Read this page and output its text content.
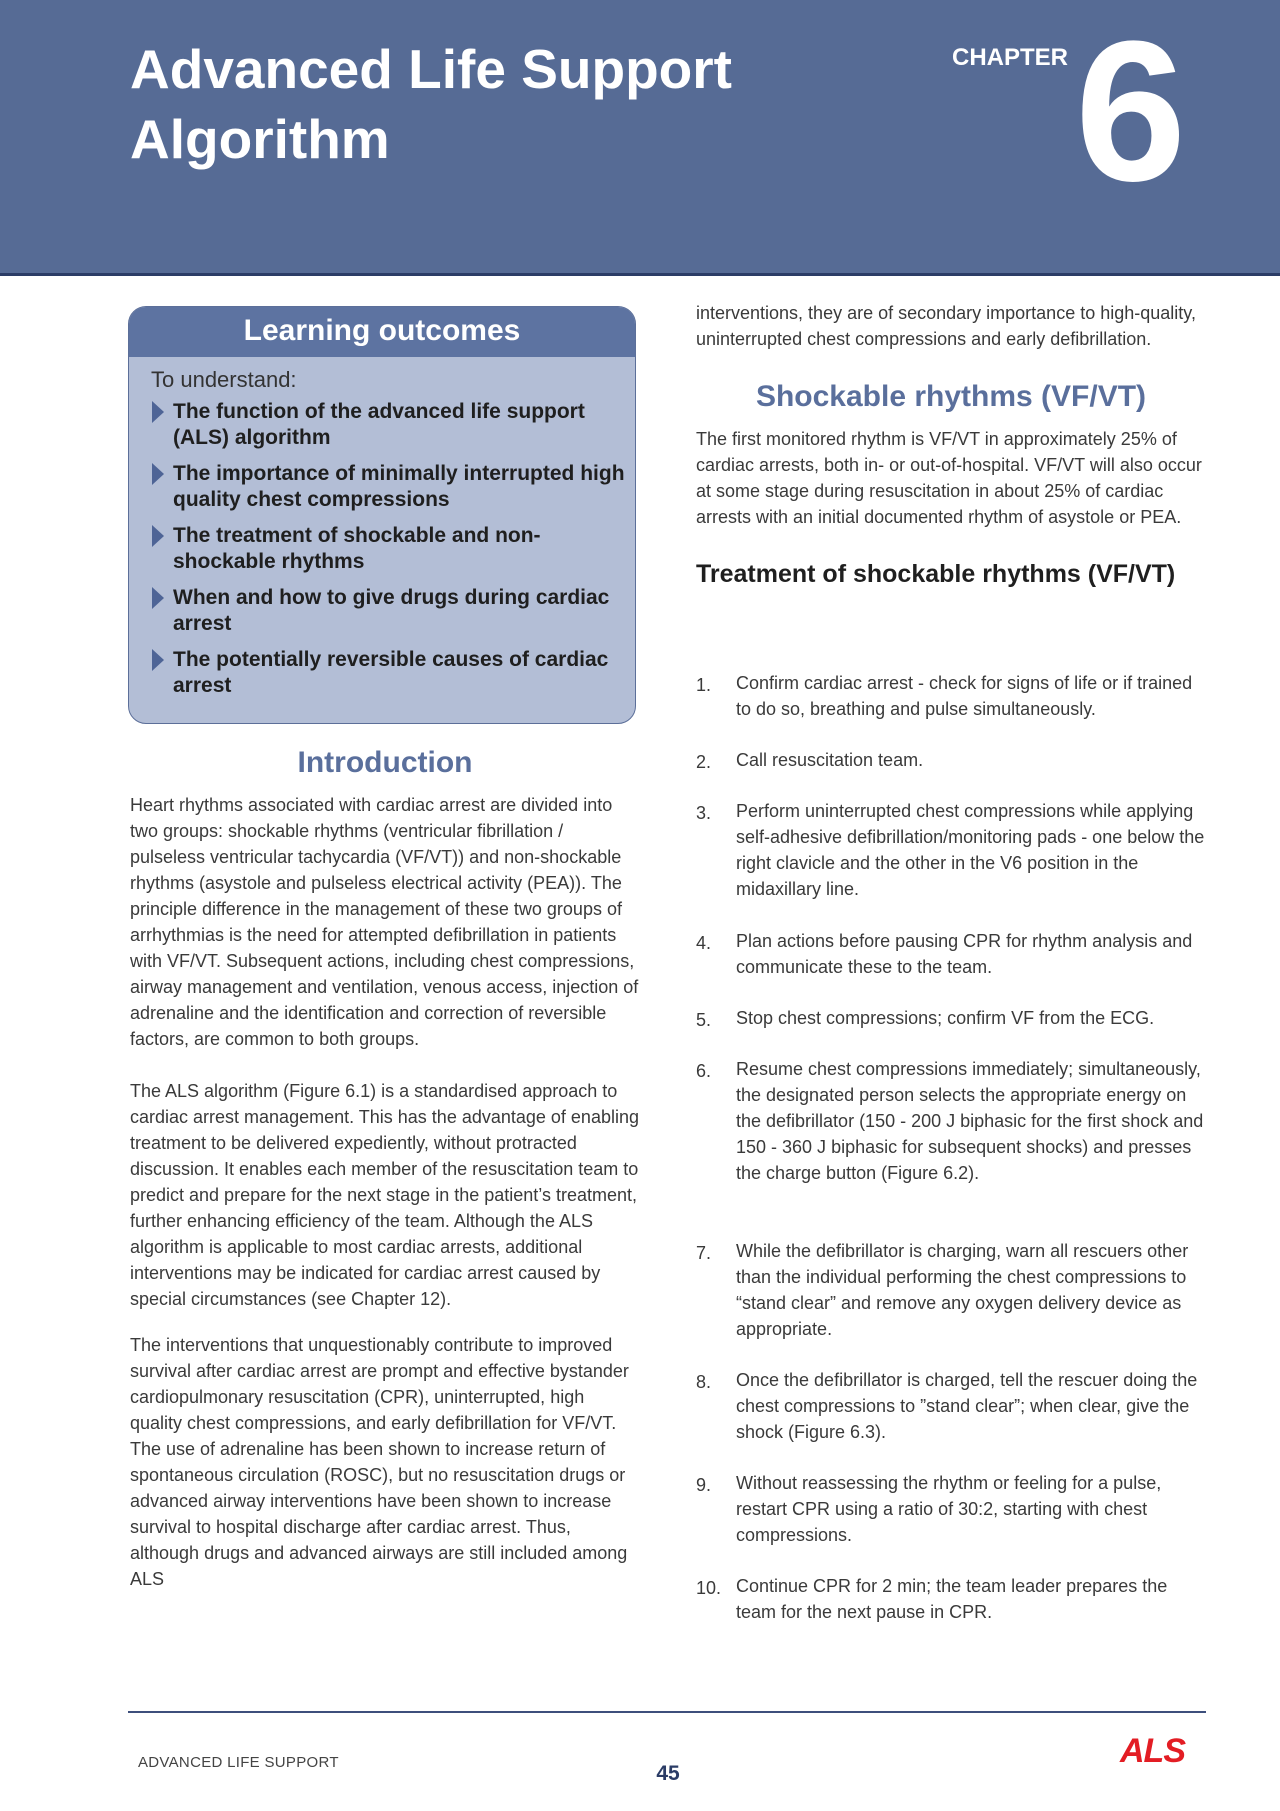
Advanced Life Support
Algorithm
CHAPTER 6
Learning outcomes
To understand:
The function of the advanced life support (ALS) algorithm
The importance of minimally interrupted high quality chest compressions
The treatment of shockable and non-shockable rhythms
When and how to give drugs during cardiac arrest
The potentially reversible causes of cardiac arrest
Introduction

Heart rhythms associated with cardiac arrest are divided into two groups: shockable rhythms (ventricular fibrillation / pulseless ventricular tachycardia (VF/VT)) and non-shockable rhythms (asystole and pulseless electrical activity (PEA)). The principle difference in the management of these two groups of arrhythmias is the need for attempted defibrillation in patients with VF/VT. Subsequent actions, including chest compressions, airway management and ventilation, venous access, injection of adrenaline and the identification and correction of reversible factors, are common to both groups.

The ALS algorithm (Figure 6.1) is a standardised approach to cardiac arrest management. This has the advantage of enabling treatment to be delivered expediently, without protracted discussion. It enables each member of the resuscitation team to predict and prepare for the next stage in the patient’s treatment, further enhancing efficiency of the team. Although the ALS algorithm is applicable to most cardiac arrests, additional interventions may be indicated for cardiac arrest caused by special circumstances (see Chapter 12).

The interventions that unquestionably contribute to improved survival after cardiac arrest are prompt and effective bystander cardiopulmonary resuscitation (CPR), uninterrupted, high quality chest compressions, and early defibrillation for VF/VT. The use of adrenaline has been shown to increase return of spontaneous circulation (ROSC), but no resuscitation drugs or advanced airway interventions have been shown to increase survival to hospital discharge after cardiac arrest. Thus, although drugs and advanced airways are still included among ALS

interventions, they are of secondary importance to high-quality, uninterrupted chest compressions and early defibrillation.

Shockable rhythms (VF/VT)

The first monitored rhythm is VF/VT in approximately 25% of cardiac arrests, both in- or out-of-hospital. VF/VT will also occur at some stage during resuscitation in about 25% of cardiac arrests with an initial documented rhythm of asystole or PEA.

Treatment of shockable rhythms (VF/VT)
1.	Confirm cardiac arrest - check for signs of life or if trained to do so, breathing and pulse simultaneously.
2.	Call resuscitation team.
3.	Perform uninterrupted chest compressions while applying self-adhesive defibrillation/monitoring pads - one below the right clavicle and the other in the V6 position in the midaxillary line.
4.	Plan actions before pausing CPR for rhythm analysis and communicate these to the team.
5.	Stop chest compressions; confirm VF from the ECG.
6.	Resume chest compressions immediately; simultaneously, the designated person selects the appropriate energy on the defibrillator (150 - 200 J biphasic for the first shock and 150 - 360 J biphasic for subsequent shocks) and presses the charge button (Figure 6.2).
7.	While the defibrillator is charging, warn all rescuers other than the individual performing the chest compressions to “stand clear” and remove any oxygen delivery device as appropriate.
8.	Once the defibrillator is charged, tell the rescuer doing the chest compressions to ”stand clear”; when clear, give the shock (Figure 6.3).
9.	Without reassessing the rhythm or feeling for a pulse, restart CPR using a ratio of 30:2, starting with chest compressions.
10. Continue CPR for 2 min; the team leader prepares the team for the next pause in CPR.
ADVANCED LIFE SUPPORT	45
ALS
